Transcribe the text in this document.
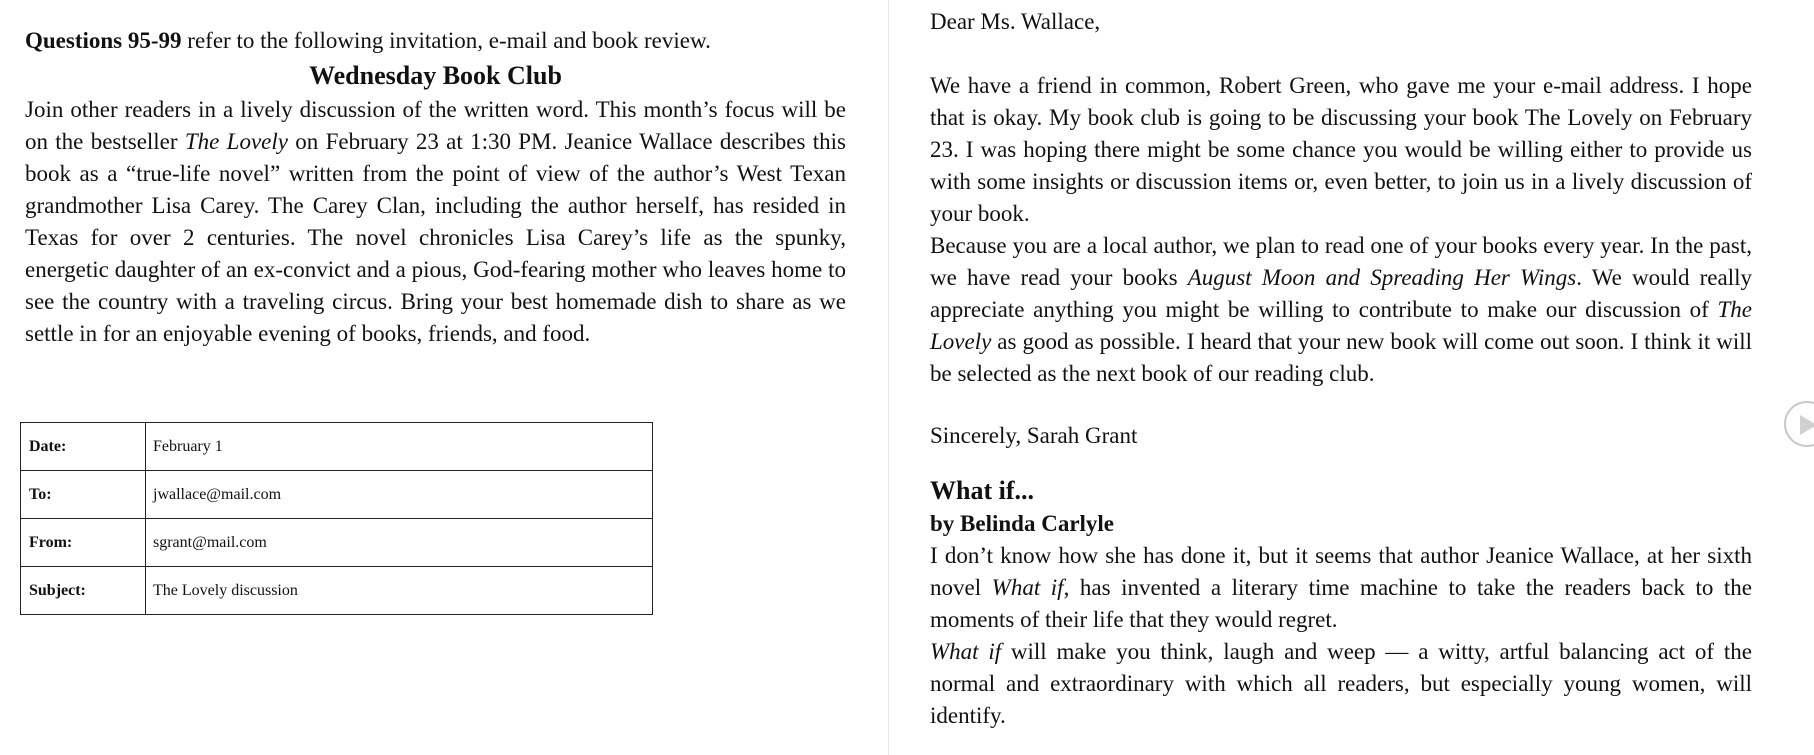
Questions 95-99 refer to the following invitation, e-mail and book review.

Wednesday Book Club

Join other readers in a lively discussion of the written word. This month’s focus will be on the bestseller The Lovely on February 23 at 1:30 PM. Jeanice Wallace describes this book as a “true-life novel” written from the point of view of the author’s West Texan grandmother Lisa Carey. The Carey Clan, including the author herself, has resided in Texas for over 2 centuries. The novel chronicles Lisa Carey’s life as the spunky, energetic daughter of an ex-convict and a pious, God-fearing mother who leaves home to see the country with a traveling circus. Bring your best homemade dish to share as we settle in for an enjoyable evening of books, friends, and food.

Date:	February 1
To:	jwallace@mail.com
From:	sgrant@mail.com
Subject:	The Lovely discussion

Dear Ms. Wallace,

We have a friend in common, Robert Green, who gave me your e-mail address. I hope that is okay. My book club is going to be discussing your book The Lovely on February 23. I was hoping there might be some chance you would be willing either to provide us with some insights or discussion items or, even better, to join us in a lively discussion of your book.

Because you are a local author, we plan to read one of your books every year. In the past, we have read your books August Moon and Spreading Her Wings. We would really appreciate anything you might be willing to contribute to make our discussion of The Lovely as good as possible. I heard that your new book will come out soon. I think it will be selected as the next book of our reading club.

Sincerely, Sarah Grant

What if...

by Belinda Carlyle

I don’t know how she has done it, but it seems that author Jeanice Wallace, at her sixth novel What if, has invented a literary time machine to take the readers back to the moments of their life that they would regret.

What if will make you think, laugh and weep — a witty, artful balancing act of the normal and extraordinary with which all readers, but especially young women, will identify.
